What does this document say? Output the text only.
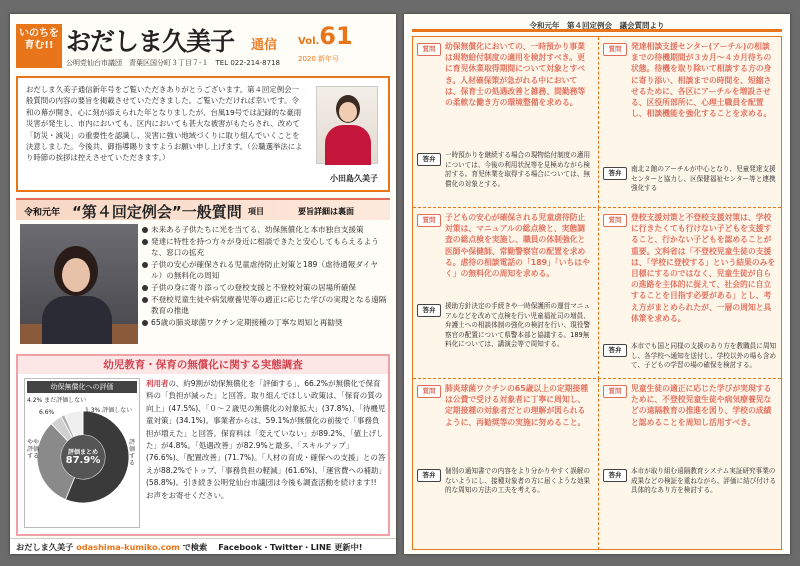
いのちを育む!! おだしま久美子 通信 Vol.61
2020 新年号
公明党仙台市議団　青葉区国分町３丁目７-１　TEL 022-214-8718

おだしま久美子通信新年号をご覧いただきありがとうございます。第４回定例会一般質問の内容の要旨を掲載させていただきました。ご覧いただければ幸いです。令和の幕が開き、心に刻が添えられた年となりましたが、台風19号では記録的な豪雨災害が発生し、市内においても、区内においても甚大な被害がもたらされ、改めて「防災・減災」の重要性を認識し、災害に強い地域づくりに取り組んでいくことを決意しました。今後共、御指導賜りますようお願い申し上げます。（公職選挙法により時節の挨拶は控えさせていただきます。）

小田島久美子
令和元年 “第４回定例会”一般質問 項目	要旨詳細は裏面
未来ある子供たちに光を当てる、幼保無償化と本市独自支援策
発達に特性を持つ方々が身近に相談できたと安心してもらえるような、窓口の拡充
子供の安心が確保される児童虐待防止対策と189（虐待通報ダイヤル）の無料化の周知
子供の身に寄り添っての登校支援と不登校対策の居場所確保
不登校児童生徒や病気療養児等の適正に応じた学びの実現となる遠隔教育の推進
65歳の肺炎球菌ワクチン定期接種の丁寧な周知と再勧奨
幼児教育・保育の無償化に関する実態調査
幼保無償化への評価
4.2% まだ評価しない
1.3% 評価しない
6.6%
やや評価する
評価する
評価まとめ
87.9%
利用者の、約9割が幼保無償化を「評価する」、66.2%が無償化で保育料の「負担が減った」と回答。取り組んでほしい政策は、「保育の質の向上」(47.5%)、「０～２歳児の無償化の対象拡大」(37.8%)、「待機児童対策」(34.1%)。事業者からは、59.1%が無償化の前後で「事務負担が増えた」と回答。保育料は「変えていない」が89.2%、「値上げした」が4.8%。「処遇改善」が82.9%と最多、「スキルアップ」(76.6%)、「配置改善」(71.7%)。「人材の育成・確保への支援」との答えが88.2%でトップ、「事務負担の軽減」(61.6%)、「運営費への補助」(58.8%)。引き続き公明党仙台市議団は今後も調査活動を続けます!! お声をお寄せください。
おだしま久美子 odashima-kumiko.com で検索　 Facebook・Twitter・LINE 更新中!
令和元年　第４回定例会　議会質問より
質問	幼保無償化においての、一時預かり事業は現物給付制度の適用を検討すべき。更に育児休業取得期間について対象とすべき。人材確保策が急がれる中においては、保育士の処遇改善と雑務、間勤務等の柔軟な働き方の環境整備を求める。
答弁	一時預かりを継続する場合の現物給付制度の適用については、今後の利用状況等を見極めながら検討する。育児休業を取得する場合については、無償化の対象とする。
質問	発達相談支援センター(アーチル)の相談までの待機期間が３カ月～４カ月待ちの状態。待機を取り除いて相談する方の身に寄り添い、相談までの時間を、短縮させるために、各区にアーチルを増設させる、区役所部所に、心理士職員を配置し、相談機能を強化することを求める。
答弁	南北２館のアーチルが中心となり、児童発達支援センターと協力し、区保健福祉センター等と連携強化する
質問	子どもの安心が確保される児童虐待防止対策は、マニュアルの総点検と、実態調査の総点検を実施し、職員の体制強化と医師や保健師、常勤警察官の配置を求める。虐待の相談電話の「189」「いちはやく」の無料化の周知を求める。
答弁	援助方針決定の手続きや一時保護所の運営マニュアルなどを改めて点検を行い児童福祉司の増員、弁護士への相談体制の強化の検討を行い、現役警察官の配置について県警本部と協議する。189無料化については、講演会等で周知する。
質問	登校支援対策と不登校支援対策は、学校に行きたくても行けない子どもを支援すること、行かない子どもを認めることが重要。文科省は「不登校児童生徒の支援は、「学校に登校する」という結果のみを目標にするのではなく、児童生徒が自らの進路を主体的に捉えて、社会的に自立することを目指す必要がある」とし、考え方がまとめられたが、一層の周知と具体策を求める。
答弁	本市でも国と同様の支援のあり方を教職員に周知し、各学校へ通知を送付し、学校以外の場も含めて、子どもの学習の場の確保を検討する。
質問	肺炎球菌ワクチンの65歳以上の定期接種は公費で受ける対象者に丁寧に周知し、定期接種の対象者だとの理解が図られるように、再勧奨等の実施に努めること。
答弁	個別の通知書での内容をより分かりやすく誤解のないようにし、接種対象者の方に届くような効果的な周知の方法の工夫を考える。
質問	児童生徒の適正に応じた学びが実現するために、不登校児童生徒や病気療養児などの遠隔教育の推進を図り、学校の成績と認めることを周知し活用すべき。
答弁	本市が取り組む遠隔教育システム実証研究事業の成果などの検証を重ねながら、評価に結び付ける具体的なあり方を検討する。
